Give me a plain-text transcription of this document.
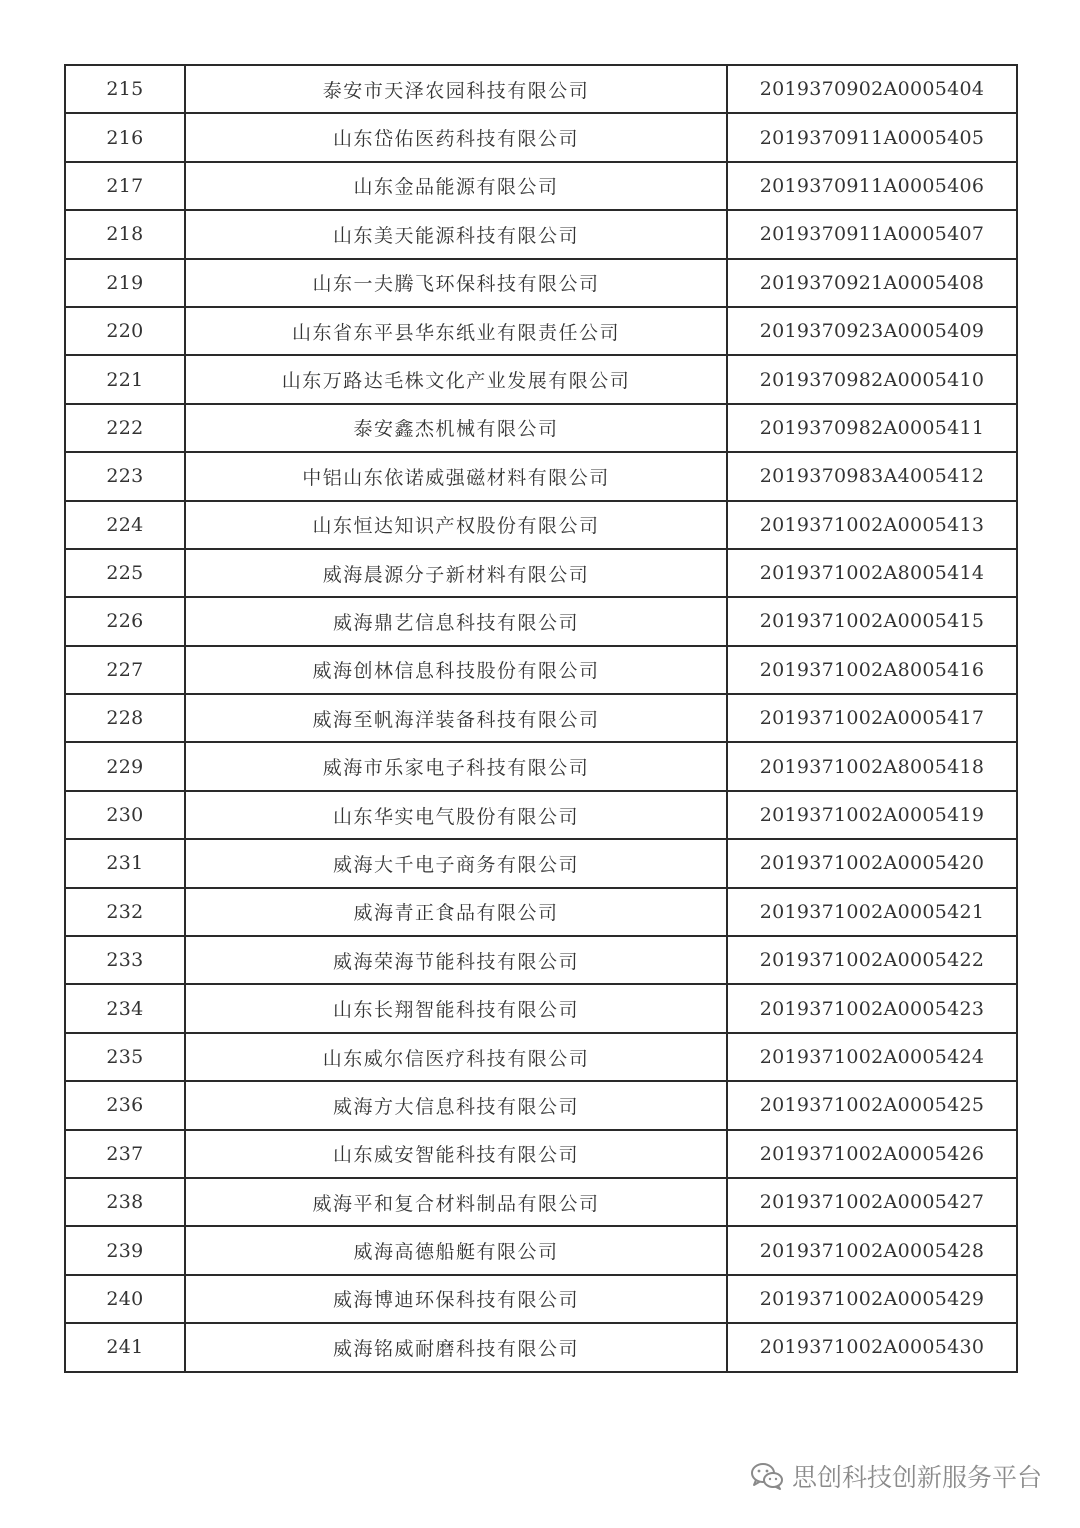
215	泰安市天泽农园科技有限公司	2019370902A0005404
216	山东岱佑医药科技有限公司	2019370911A0005405
217	山东金品能源有限公司	2019370911A0005406
218	山东美天能源科技有限公司	2019370911A0005407
219	山东一夫腾飞环保科技有限公司	2019370921A0005408
220	山东省东平县华东纸业有限责任公司	2019370923A0005409
221	山东万路达毛株文化产业发展有限公司	2019370982A0005410
222	泰安鑫杰机械有限公司	2019370982A0005411
223	中铝山东依诺威强磁材料有限公司	2019370983A4005412
224	山东恒达知识产权股份有限公司	2019371002A0005413
225	威海晨源分子新材料有限公司	2019371002A8005414
226	威海鼎艺信息科技有限公司	2019371002A0005415
227	威海创林信息科技股份有限公司	2019371002A8005416
228	威海至帆海洋装备科技有限公司	2019371002A0005417
229	威海市乐家电子科技有限公司	2019371002A8005418
230	山东华实电气股份有限公司	2019371002A0005419
231	威海大千电子商务有限公司	2019371002A0005420
232	威海青正食品有限公司	2019371002A0005421
233	威海荣海节能科技有限公司	2019371002A0005422
234	山东长翔智能科技有限公司	2019371002A0005423
235	山东威尔信医疗科技有限公司	2019371002A0005424
236	威海方大信息科技有限公司	2019371002A0005425
237	山东威安智能科技有限公司	2019371002A0005426
238	威海平和复合材料制品有限公司	2019371002A0005427
239	威海高德船艇有限公司	2019371002A0005428
240	威海博迪环保科技有限公司	2019371002A0005429
241	威海铭威耐磨科技有限公司	2019371002A0005430
思创科技创新服务平台
